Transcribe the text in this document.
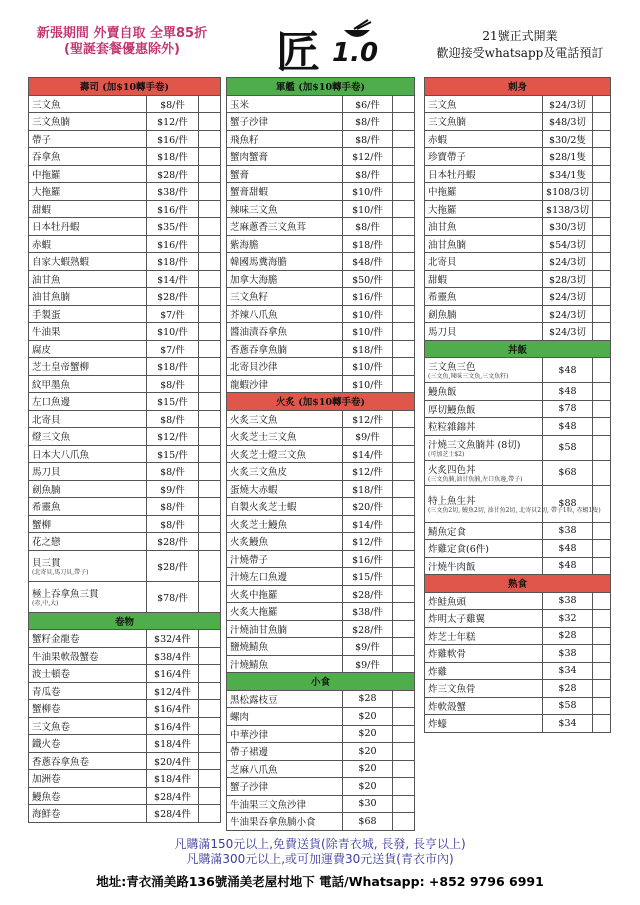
新張期間 外賣自取 全單85折
(聖誕套餐優惠除外)	匠 1.0
21號正式開業
歡迎接受whatsapp及電話預訂
壽司 (加$10轉手卷)		
三文魚	$8/件	
三文魚腩	$12/件	
帶子	$16/件	
吞拿魚	$18/件	
中拖羅	$28/件	
大拖羅	$38/件	
甜蝦	$16/件	
日本牡丹蝦	$35/件	
赤蝦	$16/件	
自家大蝦熟蝦	$18/件	
油甘魚	$14/件	
油甘魚腩	$28/件	
手製蛋	$7/件	
牛油果	$10/件	
腐皮	$7/件	
芝士皇帝蟹柳	$18/件	
紋甲墨魚	$8/件	
左口魚邊	$15/件	
北寄貝	$8/件	
燈三文魚	$12/件	
日本大八爪魚	$15/件	
馬刀貝	$8/件	
劍魚腩	$9/件	
希靈魚	$8/件	
蟹柳	$8/件	
花之戀	$28/件	
貝三貫
(北寄貝,馬刀貝,帶子)	$28/件	
極上吞拿魚三貫
(赤,中,大)	$78/件	
卷物		
蟹籽金龍卷	$32/4件	
牛油果軟殼蟹卷	$38/4件	
波士頓卷	$16/4件	
青瓜卷	$12/4件	
蟹柳卷	$16/4件	
三文魚卷	$16/4件	
鐵火卷	$18/4件	
香蔥吞拿魚卷	$20/4件	
加洲卷	$18/4件	
鰻魚卷	$28/4件	
海鮮卷	$28/4件	
軍艦 (加$10轉手卷)		
玉米	$6/件	
蟹子沙律	$8/件	
飛魚籽	$8/件	
蟹肉蟹膏	$12/件	
蟹膏	$8/件	
蟹膏甜蝦	$10/件	
辣味三文魚	$10/件	
芝麻蔥香三文魚茸	$8/件	
紫海膽	$18/件	
韓國馬糞海膽	$48/件	
加拿大海膽	$50/件	
三文魚籽	$16/件	
芥辣八爪魚	$10/件	
醬油漬吞拿魚	$10/件	
香蔥吞拿魚腩	$18/件	
北寄貝沙律	$10/件	
龍蝦沙律	$10/件	
火炙 (加$10轉手卷)		
火炙三文魚	$12/件	
火炙芝士三文魚	$9/件	
火炙芝士燈三文魚	$14/件	
火炙三文魚皮	$12/件	
蛋燒大赤蝦	$18/件	
自製火炙芝士蝦	$20/件	
火炙芝士鰻魚	$14/件	
火炙鰻魚	$12/件	
汁燒帶子	$16/件	
汁燒左口魚邊	$15/件	
火炙中拖羅	$28/件	
火炙大拖羅	$38/件	
汁燒油甘魚腩	$28/件	
鹽燒鯖魚	$9/件	
汁燒鯖魚	$9/件	
小食		
黑松露枝豆	$28	
螺肉	$20	
中華沙律	$20	
帶子裙邊	$20	
芝麻八爪魚	$20	
蟹子沙律	$20	
牛油果三文魚沙律	$30	
牛油果吞拿魚腩小食	$68	
刺身		
三文魚	$24/3切	
三文魚腩	$48/3切	
赤蝦	$30/2隻	
珍寶帶子	$28/1隻	
日本牡丹蝦	$34/1隻	
中拖羅	$108/3切	
大拖羅	$138/3切	
油甘魚	$30/3切	
油甘魚腩	$54/3切	
北寄貝	$24/3切	
甜蝦	$28/3切	
希靈魚	$24/3切	
劍魚腩	$24/3切	
馬刀貝	$24/3切	
丼飯		
三文魚三色
(三文魚,辣味三文魚,三文魚籽)	$48	
鰻魚飯	$48	
厚切鰻魚飯	$78	
粒粒雜錦丼	$48	
汁燒三文魚腩丼 (8切)
(可加芝士$2)	$58	
火炙四色丼
(三文魚腩,油甘魚腩,左口魚邊,帶子)	$68	
特上魚生丼
(三文魚2切, 鰻魚2切, 油甘魚2切, 北寄貝2切, 帶子1粒, 赤蝦1隻)	$88	
鯖魚定食	$38	
炸雞定食(6件)	$48	
汁燒牛肉飯	$48	
熟食		
炸鮭魚頭	$38	
炸明太子雞翼	$32	
炸芝士年糕	$28	
炸雞軟骨	$38	
炸雞	$34	
炸三文魚骨	$28	
炸軟殼蟹	$58	
炸蠔	$34	
凡購滿150元以上,免費送貨(除青衣城, 長發, 長亨以上)
凡購滿300元以上,或可加運費30元送貨(青衣市內)
地址:青衣涌美路136號涌美老屋村地下 電話/Whatsapp: +852 9796 6991
